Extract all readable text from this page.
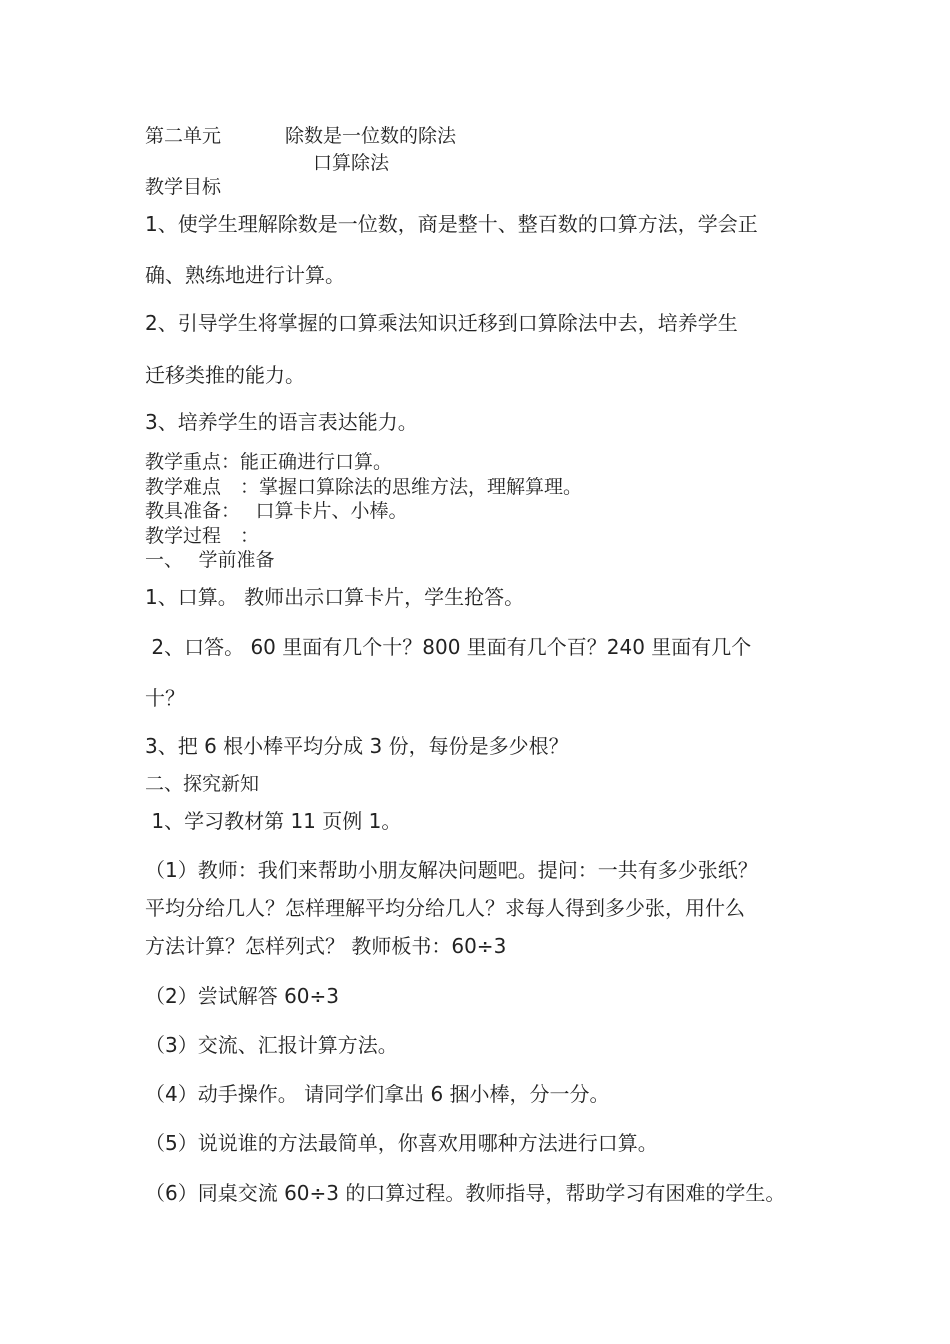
第二单元	除数是一位数的除法
口算除法
教学目标
1、使学生理解除数是一位数，商是整十、整百数的口算方法，学会正
确、熟练地进行计算。
2、引导学生将掌握的口算乘法知识迁移到口算除法中去，培养学生
迁移类推的能力。
3、培养学生的语言表达能力。
教学重点：能正确进行口算。
教学难点　：掌握口算除法的思维方法，理解算理。
教具准备：　 口算卡片、小棒。
教学过程　：
一、　 学前准备
1、口算。 教师出示口算卡片，学生抢答。
2、口答。 60 里面有几个十？800 里面有几个百？240 里面有几个
十？
3、把 6 根小棒平均分成 3 份，每份是多少根？
二、探究新知
1、学习教材第 11 页例 1。
（1）教师：我们来帮助小朋友解决问题吧。提问：一共有多少张纸？
平均分给几人？怎样理解平均分给几人？求每人得到多少张，用什么
方法计算？怎样列式？ 教师板书：60÷3
（2）尝试解答 60÷3
（3）交流、汇报计算方法。
（4）动手操作。 请同学们拿出 6 捆小棒，分一分。
（5）说说谁的方法最简单，你喜欢用哪种方法进行口算。
（6）同桌交流 60÷3 的口算过程。教师指导，帮助学习有困难的学生。
